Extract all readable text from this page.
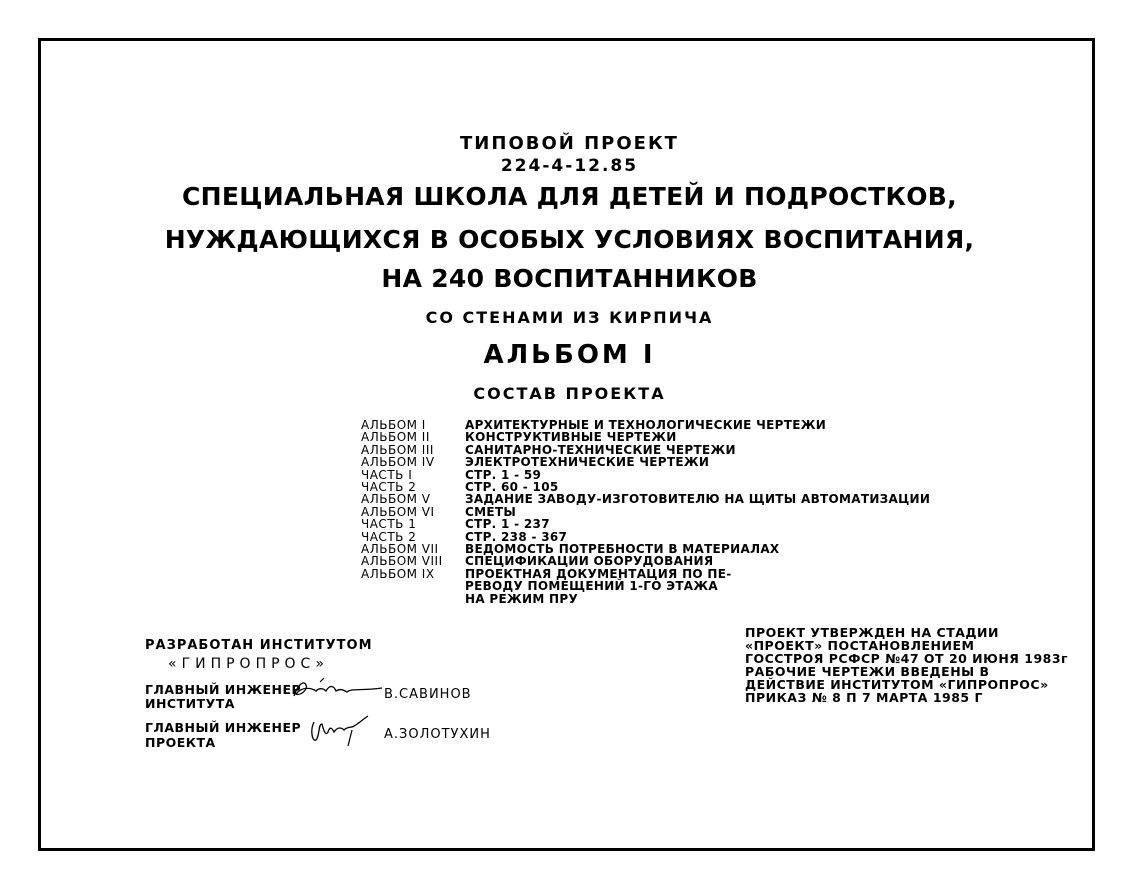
ТИПОВОЙ ПРОЕКТ
224-4-12.85
СПЕЦИАЛЬНАЯ ШКОЛА ДЛЯ ДЕТЕЙ И ПОДРОСТКОВ,
НУЖДАЮЩИХСЯ В ОСОБЫХ УСЛОВИЯХ ВОСПИТАНИЯ,
НА 240 ВОСПИТАННИКОВ
СО СТЕНАМИ ИЗ КИРПИЧА
АЛЬБОМ I
СОСТАВ ПРОЕКТА
АЛЬБОМ I	АРХИТЕКТУРНЫЕ И ТЕХНОЛОГИЧЕСКИЕ ЧЕРТЕЖИ
АЛЬБОМ II	КОНСТРУКТИВНЫЕ ЧЕРТЕЖИ
АЛЬБОМ III	САНИТАРНО-ТЕХНИЧЕСКИЕ ЧЕРТЕЖИ
АЛЬБОМ IV	ЭЛЕКТРОТЕХНИЧЕСКИЕ ЧЕРТЕЖИ
ЧАСТЬ I	СТР. 1 - 59
ЧАСТЬ 2	СТР. 60 - 105
АЛЬБОМ V	ЗАДАНИЕ ЗАВОДУ-ИЗГОТОВИТЕЛЮ НА ЩИТЫ АВТОМАТИЗАЦИИ
АЛЬБОМ VI	СМЕТЫ
ЧАСТЬ 1	СТР. 1 - 237
ЧАСТЬ 2	СТР. 238 - 367
АЛЬБОМ VII ВЕДОМОСТЬ ПОТРЕБНОСТИ В МАТЕРИАЛАХ
АЛЬБОМ VIII СПЕЦИФИКАЦИИ ОБОРУДОВАНИЯ
АЛЬБОМ IX	ПРОЕКТНАЯ ДОКУМЕНТАЦИЯ ПО ПЕ-
РЕВОДУ ПОМЕЩЕНИЙ 1-ГО ЭТАЖА
НА РЕЖИМ ПРУ
РАЗРАБОТАН ИНСТИТУТОМ
«ГИПРОПРОС»
ГЛАВНЫЙ ИНЖЕНЕР
ИНСТИТУТА
В.САВИНОВ
ГЛАВНЫЙ ИНЖЕНЕР
ПРОЕКТА
А.ЗОЛОТУХИН
ПРОЕКТ УТВЕРЖДЕН НА СТАДИИ
«ПРОЕКТ» ПОСТАНОВЛЕНИЕМ
ГОССТРОЯ РСФСР №47 ОТ 20 ИЮНЯ 1983г
РАБОЧИЕ ЧЕРТЕЖИ ВВЕДЕНЫ В
ДЕЙСТВИЕ ИНСТИТУТОМ «ГИПРОПРОС»
ПРИКАЗ № 8 П 7 МАРТА 1985 Г
